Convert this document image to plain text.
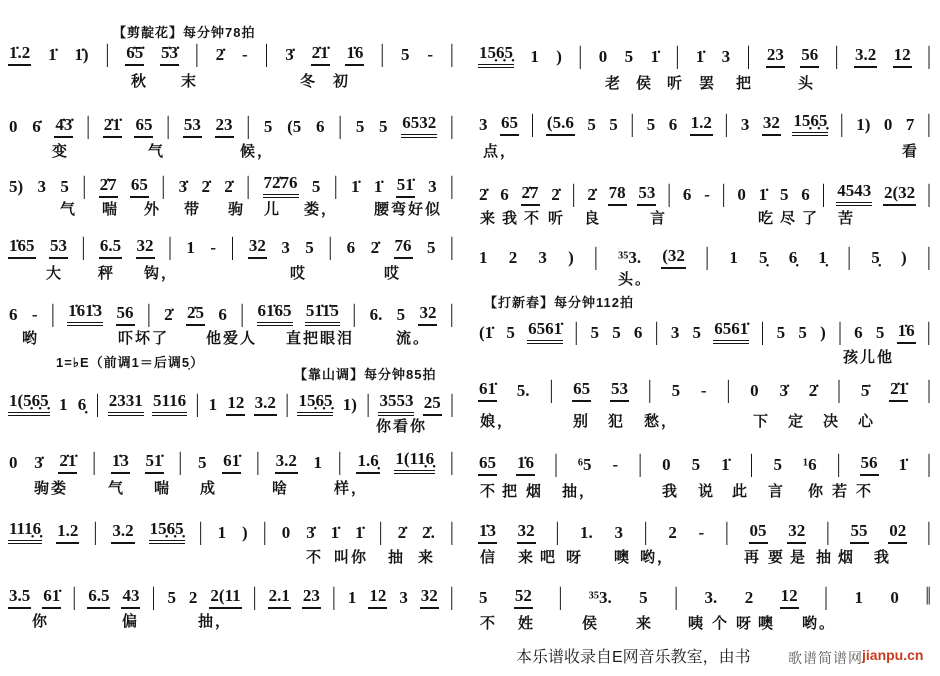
【剪靛花】每分钟78拍
1̇.2 1̇ 1̇) | 6̇5̇ 5̇3̇ | 2̇ - | 3̇ 2̇1̇ 1̇6 | 5 - |
秋 末	冬 初
0 6̇ 4̇3̇ | 2̇1̇ 65 | 53 23 | 5 (5 6 | 5 5 6532 |
变	气	候，
5) 3 5 | 2̇7 65 | 3̇ 2̇ 2̇ | 72̇76 5 | 1̇ 1̇ 51̇ 3 |
气 喘 外 带 驹 儿 娄， 腰弯好似
1̇65 53 | 6.5 32 | 1 - | 32 3 5 | 6 2̇ 76 5 |
大 秤 钩，	哎	哎
6 - | 1̇61̇3 56 | 2̇ 2̇5 6 | 61̇65 51̇1̇5 | 6. 5 32 |
哟	吓坏了 他爱人 直把眼泪	流。
1=♭E（前调1＝后调5̣）
【靠山调】每分钟85拍
1(5̣6̣5̣ 1 6̣ | 2331 5116 | 1 12 3.2 | 15̣6̣5̣ 1) | 3553 25 |
你看你
0 3̇ 2̇1̇ | 1̇3 51̇ | 5 61̇ | 3.2 1 | 1.6̣ 1(11̣6̣ |
驹娄	气 喘 成	啥	样，
111̣6̣ 1.2 | 3.2 15̣6̣5̣ | 1 ) | 0 3̇ 1̇ 1̇ | 2̇ 2̇. |
不 叫你 抽 来
3.5 61̇ | 6.5 43 | 5 2 2(11 | 2.1 23 | 1 12 3 32 |
你	偏	抽，
15̣6̣5̣ 1 ) | 0 5 1̇ | 1̇ 3 | 23 56 | 3.2 12 |
老 侯 听 罢 把	头
3 65 | (5.6 5 5 | 5 6 1.2 | 3 32 15̣6̣5̣ | 1) 0 7 |
点，	看
2̇ 6 2̇7 2̇ | 2̇ 78 53 | 6 - | 0 1̇ 5 6 | 4543 2(32 |
来 我 不 听 良	言	吃 尽 了 苦
1 2 3 ) | ³⁵3. (32 | 1 5̣ 6̣ 1̣ | 5̣ ) |
头。
【打新春】每分钟112拍
(1̇ 5 6561̇ | 5 5 6 | 3 5 6561̇ | 5 5 ) | 6 5 1̇6 |
孩儿他
61̇ 5. | 65 53 | 5 - | 0 3̇ 2̇ | 5̇ 2̇1̇ |
娘，	别 犯 愁，	下 定 决 心
65 1̇6 | ⁶5 - | 0 5 1̇ | 5 ¹6 | 56 1̇ |
不 把 烟 抽，	我 说 此 言 你 若 不
1̇3 32 | 1. 3 | 2 - | 05 32 | 55 02 |
信 来 吧 呀 噢 哟，	再 要 是 抽 烟 我
5 52 | ³⁵3. 5 | 3. 2 12 | 1 0 ‖
不 姓	侯 来 咦 个 呀 噢 哟。
本乐谱收录自E网音乐教室，由书	歌谱简谱网 jianpu.cn
